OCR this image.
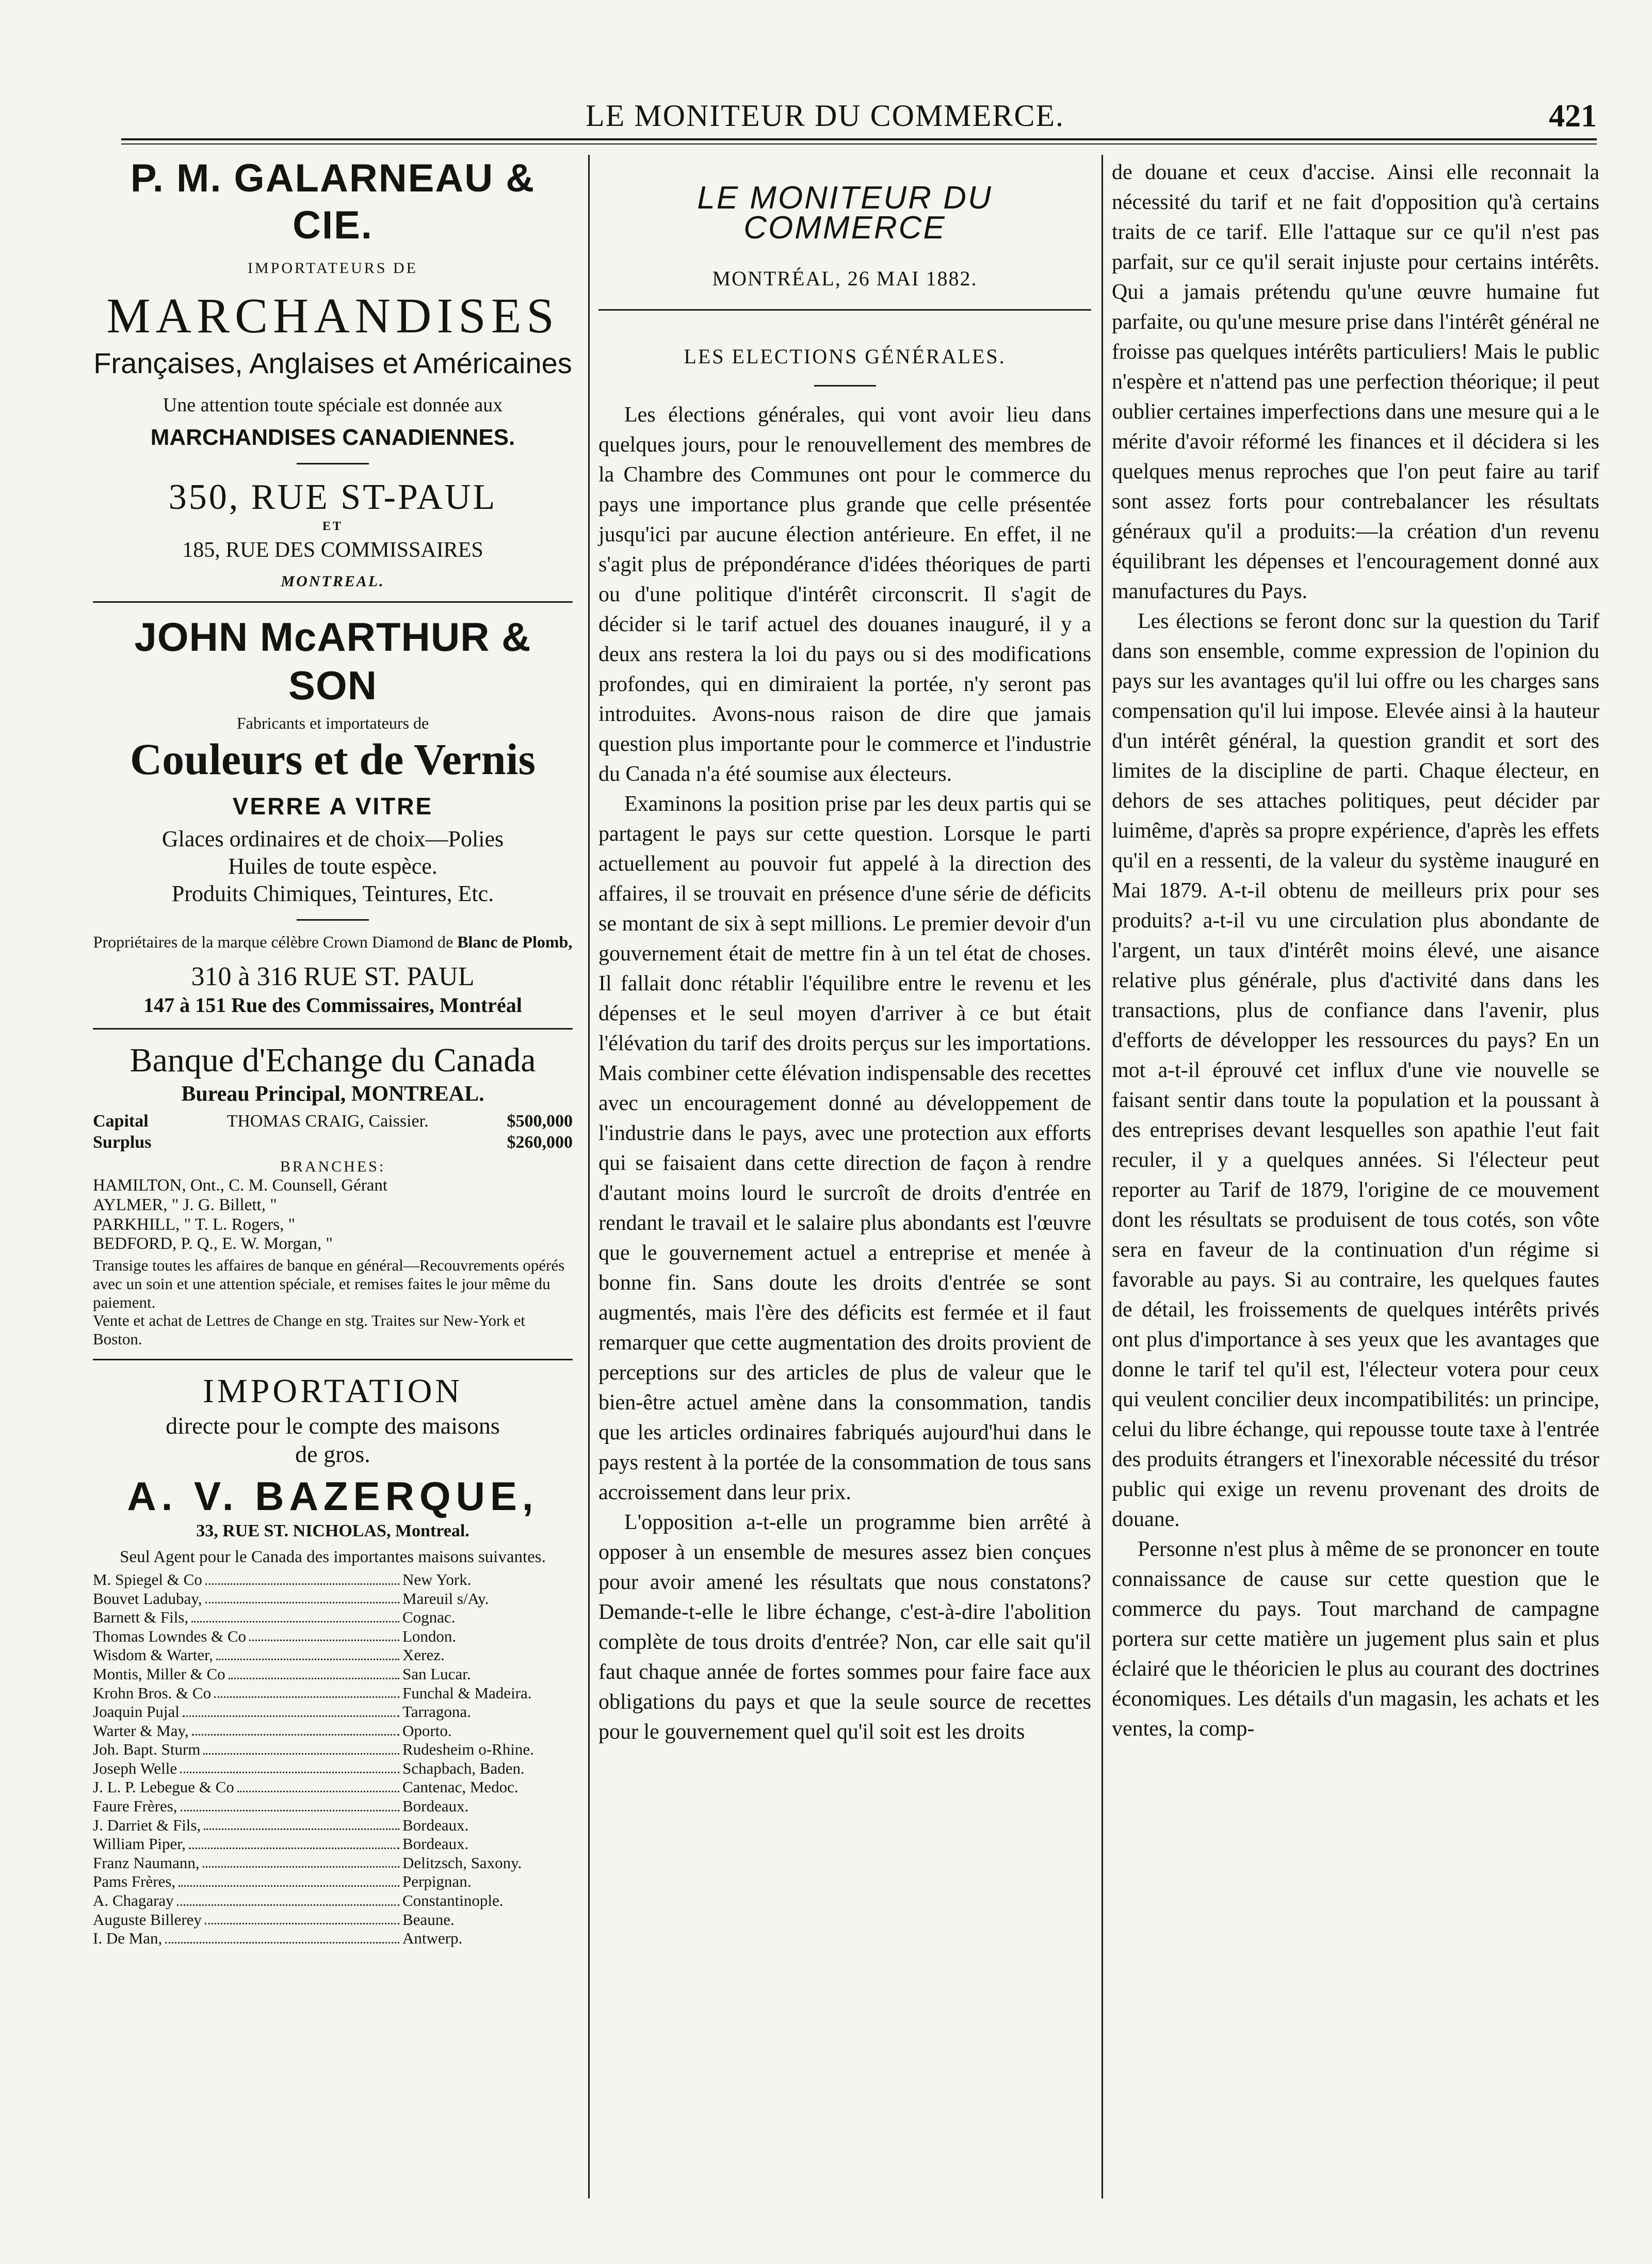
LE MONITEUR DU COMMERCE.	421
P. M. GALARNEAU & CIE.
IMPORTATEURS DE
MARCHANDISES
Françaises, Anglaises et Américaines
Une attention toute spéciale est donnée aux
MARCHANDISES CANADIENNES.
350, RUE ST-PAUL
ET
185, RUE DES COMMISSAIRES
MONTREAL.
JOHN McARTHUR & SON
Fabricants et importateurs de
Couleurs et de Vernis
VERRE A VITRE
Glaces ordinaires et de choix—Polies
Huiles de toute espèce.
Produits Chimiques, Teintures, Etc.
Propriétaires de la marque célèbre Crown Diamond de Blanc de Plomb,
310 à 316 RUE ST. PAUL
147 à 151 Rue des Commissaires, Montréal
Banque d'Echange du Canada
Bureau Principal, MONTREAL.
Capital	THOMAS CRAIG, Caissier.	$500,000
Surplus	$260,000
BRANCHES:
HAMILTON, Ont., C. M. Counsell, Gérant
AYLMER, " J. G. Billett, "
PARKHILL, " T. L. Rogers, "
BEDFORD, P. Q., E. W. Morgan, "
Transige toutes les affaires de banque en général—Recouvrements opérés avec un soin et une attention spéciale, et remises faites le jour même du paiement.
Vente et achat de Lettres de Change en stg. Traites sur New-York et Boston.
IMPORTATION
directe pour le compte des maisons
de gros.
A. V. BAZERQUE,
33, RUE ST. NICHOLAS, Montreal.
Seul Agent pour le Canada des importantes maisons suivantes.
M. Spiegel & Co	New York.
Bouvet Ladubay,	Mareuil s/Ay.
Barnett & Fils,	Cognac.
Thomas Lowndes & Co	London.
Wisdom & Warter,	Xerez.
Montis, Miller & Co	San Lucar.
Krohn Bros. & Co	Funchal & Madeira.
Joaquin Pujal	Tarragona.
Warter & May,	Oporto.
Joh. Bapt. Sturm	Rudesheim o-Rhine.
Joseph Welle	Schapbach, Baden.
J. L. P. Lebegue & Co	Cantenac, Medoc.
Faure Frères,	Bordeaux.
J. Darriet & Fils,	Bordeaux.
William Piper,	Bordeaux.
Franz Naumann,	Delitzsch, Saxony.
Pams Frères,	Perpignan.
A. Chagaray	Constantinople.
Auguste Billerey	Beaune.
I. De Man,	Antwerp.
LE MONITEUR DU COMMERCE
MONTRÉAL, 26 MAI 1882.
LES ELECTIONS GÉNÉRALES.

Les élections générales, qui vont avoir lieu dans quelques jours, pour le renouvellement des membres de la Chambre des Communes ont pour le commerce du pays une importance plus grande que celle présentée jusqu'ici par aucune élection antérieure. En effet, il ne s'agit plus de prépondérance d'idées théoriques de parti ou d'une politique d'intérêt circonscrit. Il s'agit de décider si le tarif actuel des douanes inauguré, il y a deux ans restera la loi du pays ou si des modifications profondes, qui en dimiraient la portée, n'y seront pas introduites. Avons-nous raison de dire que jamais question plus importante pour le commerce et l'industrie du Canada n'a été soumise aux électeurs.

Examinons la position prise par les deux partis qui se partagent le pays sur cette question. Lorsque le parti actuellement au pouvoir fut appelé à la direction des affaires, il se trouvait en présence d'une série de déficits se montant de six à sept millions. Le premier devoir d'un gouvernement était de mettre fin à un tel état de choses. Il fallait donc rétablir l'équilibre entre le revenu et les dépenses et le seul moyen d'arriver à ce but était l'élévation du tarif des droits perçus sur les importations. Mais combiner cette élévation indispensable des recettes avec un encouragement donné au développement de l'industrie dans le pays, avec une protection aux efforts qui se faisaient dans cette direction de façon à rendre d'autant moins lourd le surcroît de droits d'entrée en rendant le travail et le salaire plus abondants est l'œuvre que le gouvernement actuel a entreprise et menée à bonne fin. Sans doute les droits d'entrée se sont augmentés, mais l'ère des déficits est fermée et il faut remarquer que cette augmentation des droits provient de perceptions sur des articles de plus de valeur que le bien-être actuel amène dans la consommation, tandis que les articles ordinaires fabriqués aujourd'hui dans le pays restent à la portée de la consommation de tous sans accroissement dans leur prix.

L'opposition a-t-elle un programme bien arrêté à opposer à un ensemble de mesures assez bien conçues pour avoir amené les résultats que nous constatons? Demande-t-elle le libre échange, c'est-à-dire l'abolition complète de tous droits d'entrée? Non, car elle sait qu'il faut chaque année de fortes sommes pour faire face aux obligations du pays et que la seule source de recettes pour le gouvernement quel qu'il soit est les droits

de douane et ceux d'accise. Ainsi elle reconnait la nécessité du tarif et ne fait d'opposition qu'à certains traits de ce tarif. Elle l'attaque sur ce qu'il n'est pas parfait, sur ce qu'il serait injuste pour certains intérêts. Qui a jamais prétendu qu'une œuvre humaine fut parfaite, ou qu'une mesure prise dans l'intérêt général ne froisse pas quelques intérêts particuliers! Mais le public n'espère et n'attend pas une perfection théorique; il peut oublier certaines imperfections dans une mesure qui a le mérite d'avoir réformé les finances et il décidera si les quelques menus reproches que l'on peut faire au tarif sont assez forts pour contrebalancer les résultats généraux qu'il a produits:—la création d'un revenu équilibrant les dépenses et l'encouragement donné aux manufactures du Pays.

Les élections se feront donc sur la question du Tarif dans son ensemble, comme expression de l'opinion du pays sur les avantages qu'il lui offre ou les charges sans compensation qu'il lui impose. Elevée ainsi à la hauteur d'un intérêt général, la question grandit et sort des limites de la discipline de parti. Chaque électeur, en dehors de ses attaches politiques, peut décider par luimême, d'après sa propre expérience, d'après les effets qu'il en a ressenti, de la valeur du système inauguré en Mai 1879. A-t-il obtenu de meilleurs prix pour ses produits? a-t-il vu une circulation plus abondante de l'argent, un taux d'intérêt moins élevé, une aisance relative plus générale, plus d'activité dans dans les transactions, plus de confiance dans l'avenir, plus d'efforts de développer les ressources du pays? En un mot a-t-il éprouvé cet influx d'une vie nouvelle se faisant sentir dans toute la population et la poussant à des entreprises devant lesquelles son apathie l'eut fait reculer, il y a quelques années. Si l'électeur peut reporter au Tarif de 1879, l'origine de ce mouvement dont les résultats se produisent de tous cotés, son vôte sera en faveur de la continuation d'un régime si favorable au pays. Si au contraire, les quelques fautes de détail, les froissements de quelques intérêts privés ont plus d'importance à ses yeux que les avantages que donne le tarif tel qu'il est, l'électeur votera pour ceux qui veulent concilier deux incompatibilités: un principe, celui du libre échange, qui repousse toute taxe à l'entrée des produits étrangers et l'inexorable nécessité du trésor public qui exige un revenu provenant des droits de douane.

Personne n'est plus à même de se prononcer en toute connaissance de cause sur cette question que le commerce du pays. Tout marchand de campagne portera sur cette matière un jugement plus sain et plus éclairé que le théoricien le plus au courant des doctrines économiques. Les détails d'un magasin, les achats et les ventes, la comp-
